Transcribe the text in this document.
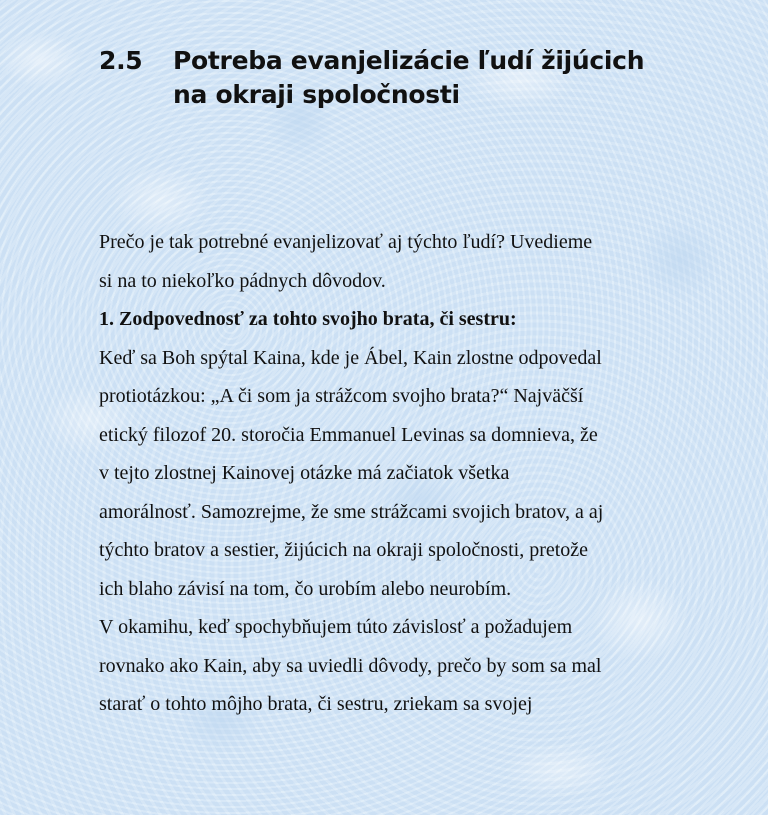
2.5 Potreba evanjelizácie ľudí žijúcich
na okraji spoločnosti

Prečo je tak potrebné evanjelizovať aj týchto ľudí? Uvedieme

si na to niekoľko pádnych dôvodov.

1. Zodpovednosť za tohto svojho brata, či sestru:

Keď sa Boh spýtal Kaina, kde je Ábel, Kain zlostne odpovedal

protiotázkou: „A či som ja strážcom svojho brata?“ Najväčší

etický filozof 20. storočia Emmanuel Levinas sa domnieva, že

v tejto zlostnej Kainovej otázke má začiatok všetka

amorálnosť. Samozrejme, že sme strážcami svojich bratov, a aj

týchto bratov a sestier, žijúcich na okraji spoločnosti, pretože

ich blaho závisí na tom, čo urobím alebo neurobím.

V okamihu, keď spochybňujem túto závislosť a požadujem

rovnako ako Kain, aby sa uviedli dôvody, prečo by som sa mal

starať o tohto môjho brata, či sestru, zriekam sa svojej
